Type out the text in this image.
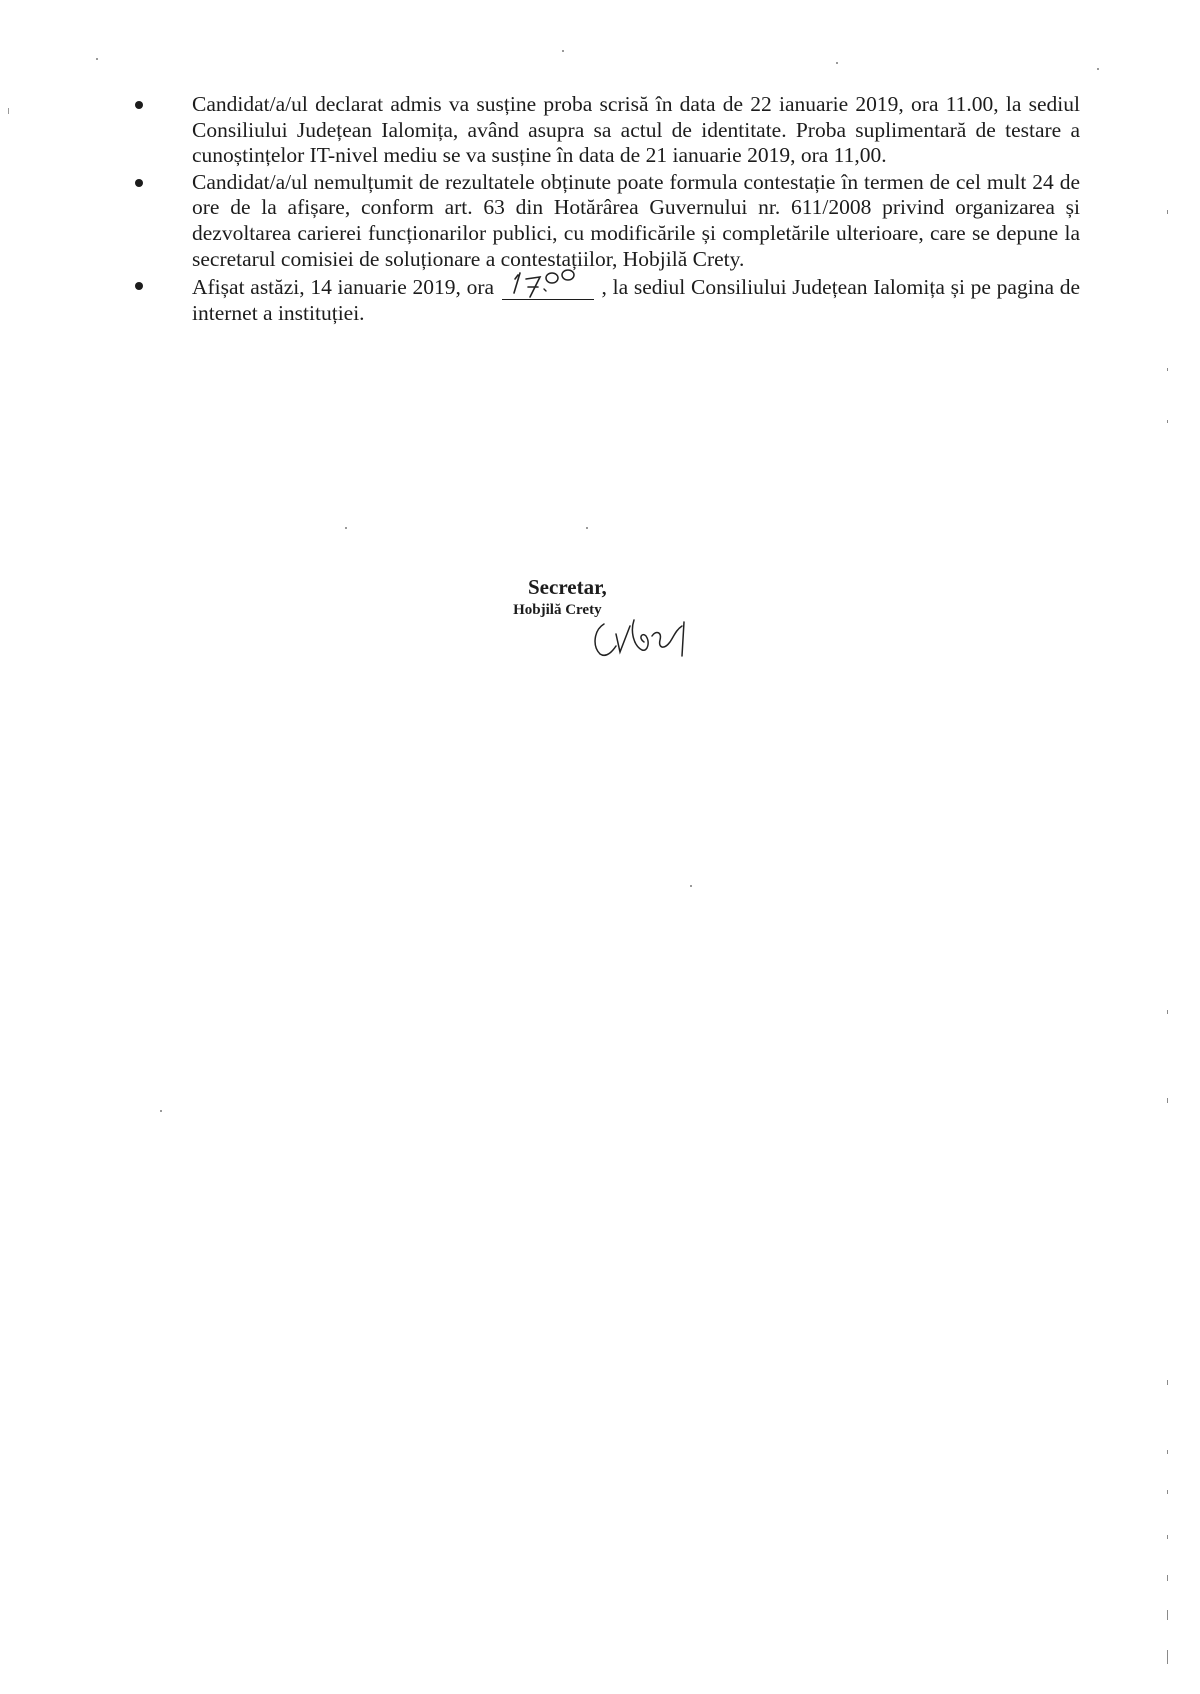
Candidat/a/ul declarat admis va susține proba scrisă în data de 22 ianuarie 2019, ora 11.00, la sediul Consiliului Județean Ialomița, având asupra sa actul de identitate. Proba suplimentară de testare a cunoștințelor IT-nivel mediu se va susține în data de 21 ianuarie 2019, ora 11,00.
Candidat/a/ul nemulțumit de rezultatele obținute poate formula contestație în termen de cel mult 24 de ore de la afișare, conform art. 63 din Hotărârea Guvernului nr. 611/2008 privind organizarea și dezvoltarea carierei funcționarilor publici, cu modificările și completările ulterioare, care se depune la secretarul comisiei de soluționare a contestațiilor, Hobjilă Crety.
Afișat astăzi, 14 ianuarie 2019, ora	, la sediul Consiliului Județean Ialomița și pe pagina de internet a instituției.
Secretar,
Hobjilă Crety
